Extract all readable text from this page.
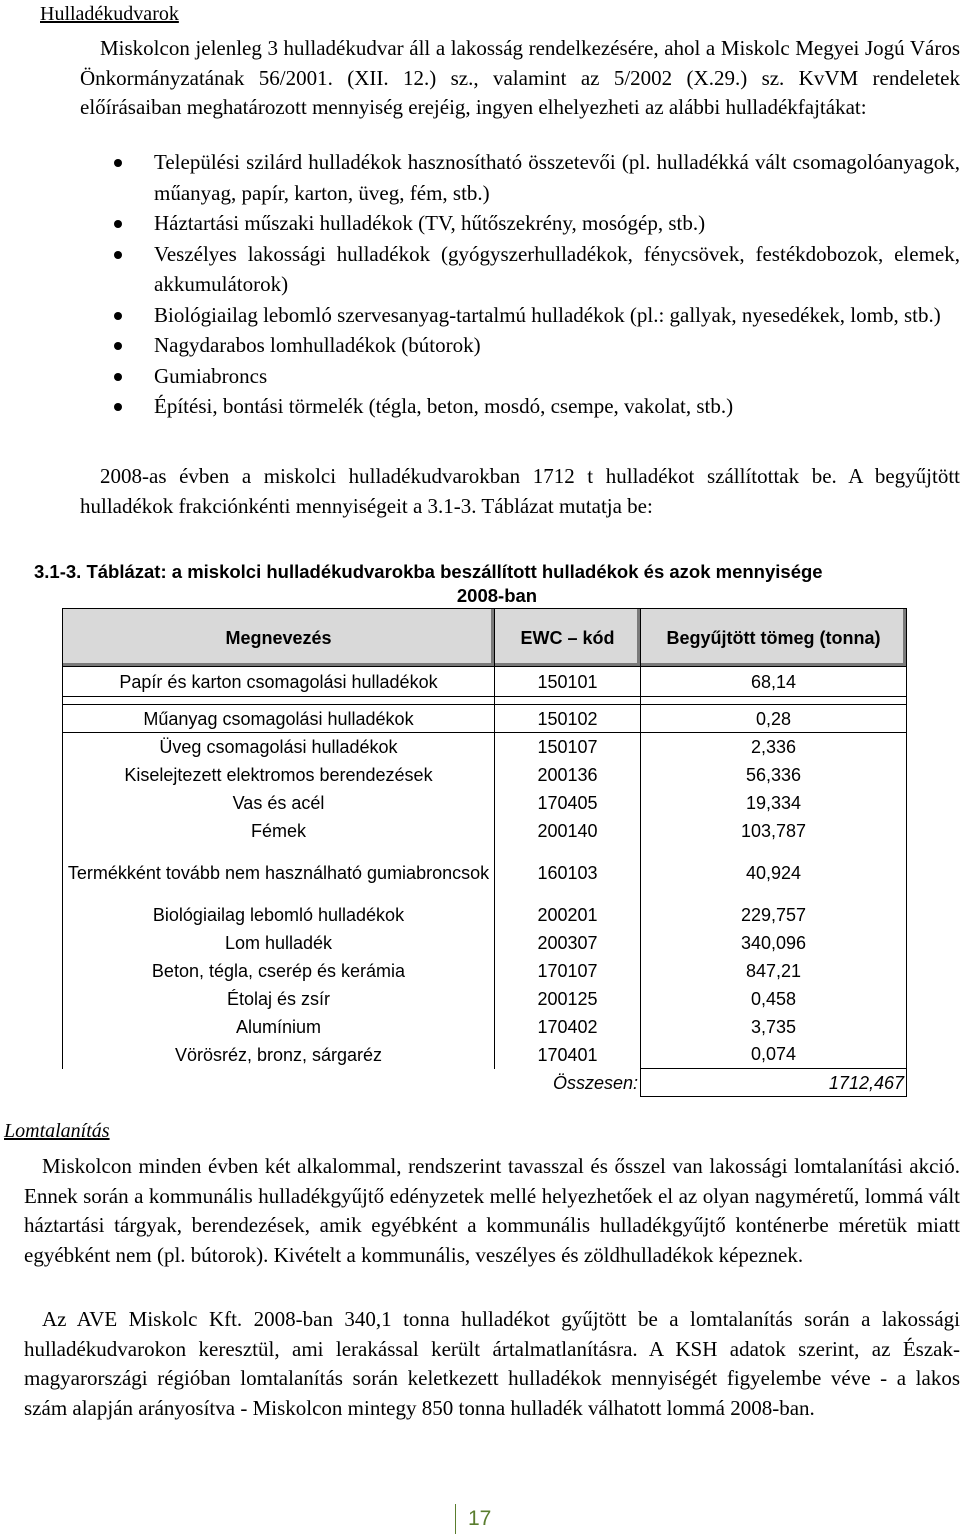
Hulladékudvarok
Miskolcon jelenleg 3 hulladékudvar áll a lakosság rendelkezésére, ahol a Miskolc Megyei Jogú Város Önkormányzatának 56/2001. (XII. 12.) sz., valamint az 5/2002 (X.29.) sz. KvVM rendeletek előírásaiban meghatározott mennyiség erejéig, ingyen elhelyezheti az alábbi hulladékfajtákat:
Települési szilárd hulladékok hasznosítható összetevői (pl. hulladékká vált csomagolóanyagok, műanyag, papír, karton, üveg, fém, stb.)
Háztartási műszaki hulladékok (TV, hűtőszekrény, mosógép, stb.)
Veszélyes lakossági hulladékok (gyógyszerhulladékok, fénycsövek, festékdobozok, elemek, akkumulátorok)
Biológiailag lebomló szervesanyag-tartalmú hulladékok (pl.: gallyak, nyesedékek, lomb, stb.)
Nagydarabos lomhulladékok (bútorok)
Gumiabroncs
Építési, bontási törmelék (tégla, beton, mosdó, csempe, vakolat, stb.)
2008-as évben a miskolci hulladékudvarokban 1712 t hulladékot szállítottak be. A begyűjtött hulladékok frakciónkénti mennyiségeit a 3.1-3. Táblázat mutatja be:
3.1-3. Táblázat: a miskolci hulladékudvarokba beszállított hulladékok és azok mennyisége
2008-ban
Megnevezés	EWC – kód	Begyűjtött tömeg (tonna)
Papír és karton csomagolási hulladékok	150101	68,14

Műanyag csomagolási hulladékok	150102	0,28
Üveg csomagolási hulladékok	150107	2,336
Kiselejtezett elektromos berendezések	200136	56,336
Vas és acél	170405	19,334
Fémek	200140	103,787
Termékként tovább nem használható gumiabroncsok	160103	40,924
Biológiailag lebomló hulladékok	200201	229,757
Lom hulladék	200307	340,096
Beton, tégla, cserép és kerámia	170107	847,21
Étolaj és zsír	200125	0,458
Alumínium	170402	3,735
Vörösréz, bronz, sárgaréz	170401	0,074
	Összesen:	1712,467
Lomtalanítás
Miskolcon minden évben két alkalommal, rendszerint tavasszal és ősszel van lakossági lomtalanítási akció. Ennek során a kommunális hulladékgyűjtő edényzetek mellé helyezhetőek el az olyan nagyméretű, lommá vált háztartási tárgyak, berendezések, amik egyébként a kommunális hulladékgyűjtő konténerbe méretük miatt egyébként nem (pl. bútorok). Kivételt a kommunális, veszélyes és zöldhulladékok képeznek.
Az AVE Miskolc Kft. 2008-ban 340,1 tonna hulladékot gyűjtött be a lomtalanítás során a lakossági hulladékudvarokon keresztül, ami lerakással került ártalmatlanításra. A KSH adatok szerint, az Észak-magyarországi régióban lomtalanítás során keletkezett hulladékok mennyiségét figyelembe véve - a lakos szám alapján arányosítva - Miskolcon mintegy 850 tonna hulladék válhatott lommá 2008-ban.
17
